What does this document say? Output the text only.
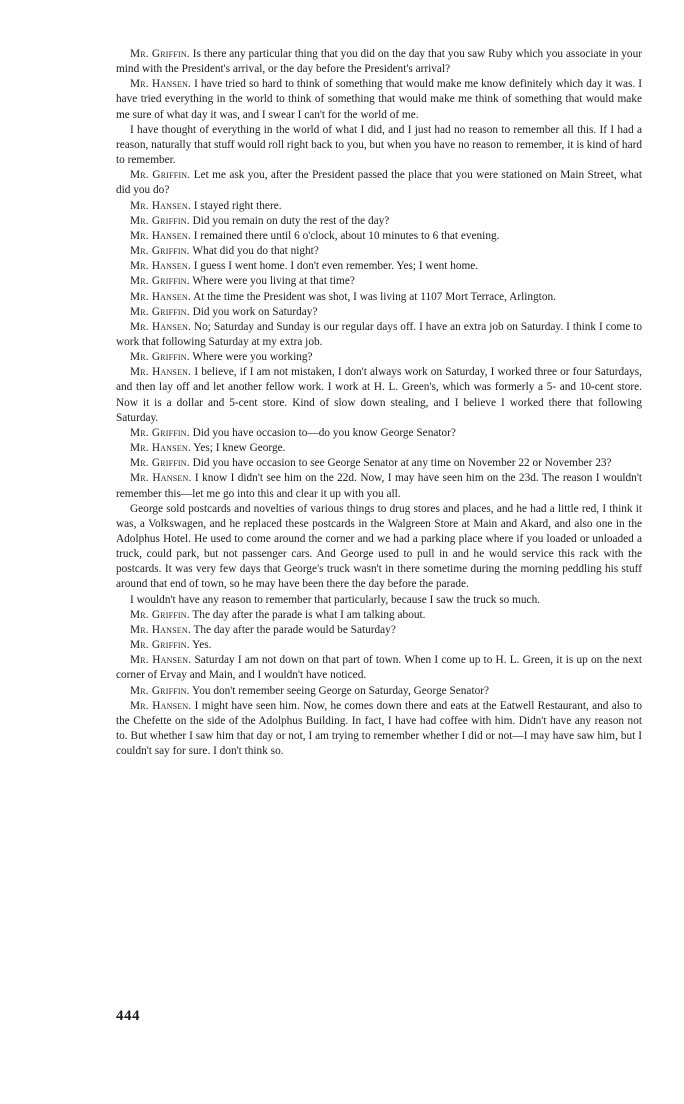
Mr. Griffin. Is there any particular thing that you did on the day that you saw Ruby which you associate in your mind with the President's arrival, or the day before the President's arrival?

Mr. Hansen. I have tried so hard to think of something that would make me know definitely which day it was. I have tried everything in the world to think of something that would make me think of something that would make me sure of what day it was, and I swear I can't for the world of me.

I have thought of everything in the world of what I did, and I just had no reason to remember all this. If I had a reason, naturally that stuff would roll right back to you, but when you have no reason to remember, it is kind of hard to remember.

Mr. Griffin. Let me ask you, after the President passed the place that you were stationed on Main Street, what did you do?

Mr. Hansen. I stayed right there.

Mr. Griffin. Did you remain on duty the rest of the day?

Mr. Hansen. I remained there until 6 o'clock, about 10 minutes to 6 that evening.

Mr. Griffin. What did you do that night?

Mr. Hansen. I guess I went home. I don't even remember. Yes; I went home.

Mr. Griffin. Where were you living at that time?

Mr. Hansen. At the time the President was shot, I was living at 1107 Mort Terrace, Arlington.

Mr. Griffin. Did you work on Saturday?

Mr. Hansen. No; Saturday and Sunday is our regular days off. I have an extra job on Saturday. I think I come to work that following Saturday at my extra job.

Mr. Griffin. Where were you working?

Mr. Hansen. I believe, if I am not mistaken, I don't always work on Saturday, I worked three or four Saturdays, and then lay off and let another fellow work. I work at H. L. Green's, which was formerly a 5- and 10-cent store. Now it is a dollar and 5-cent store. Kind of slow down stealing, and I believe I worked there that following Saturday.

Mr. Griffin. Did you have occasion to—do you know George Senator?

Mr. Hansen. Yes; I knew George.

Mr. Griffin. Did you have occasion to see George Senator at any time on November 22 or November 23?

Mr. Hansen. I know I didn't see him on the 22d. Now, I may have seen him on the 23d. The reason I wouldn't remember this—let me go into this and clear it up with you all.

George sold postcards and novelties of various things to drug stores and places, and he had a little red, I think it was, a Volkswagen, and he replaced these postcards in the Walgreen Store at Main and Akard, and also one in the Adolphus Hotel. He used to come around the corner and we had a parking place where if you loaded or unloaded a truck, could park, but not passenger cars. And George used to pull in and he would service this rack with the postcards. It was very few days that George's truck wasn't in there sometime during the morning peddling his stuff around that end of town, so he may have been there the day before the parade.

I wouldn't have any reason to remember that particularly, because I saw the truck so much.

Mr. Griffin. The day after the parade is what I am talking about.

Mr. Hansen. The day after the parade would be Saturday?

Mr. Griffin. Yes.

Mr. Hansen. Saturday I am not down on that part of town. When I come up to H. L. Green, it is up on the next corner of Ervay and Main, and I wouldn't have noticed.

Mr. Griffin. You don't remember seeing George on Saturday, George Senator?

Mr. Hansen. I might have seen him. Now, he comes down there and eats at the Eatwell Restaurant, and also to the Chefette on the side of the Adolphus Building. In fact, I have had coffee with him. Didn't have any reason not to. But whether I saw him that day or not, I am trying to remember whether I did or not—I may have saw him, but I couldn't say for sure. I don't think so.

444
